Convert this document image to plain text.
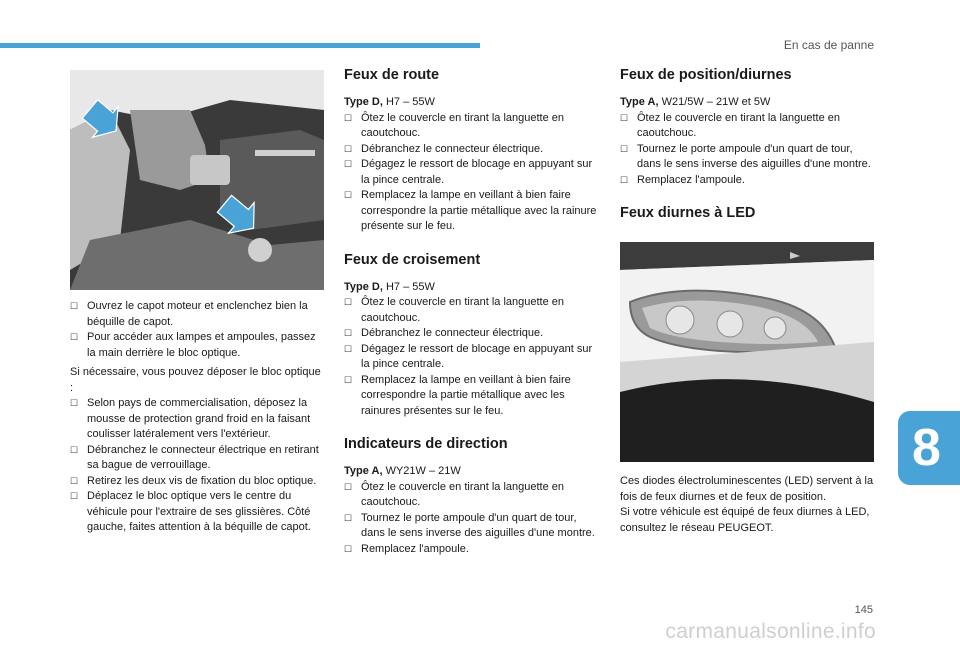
En cas de panne
☐ Ouvrez le capot moteur et enclenchez bien la béquille de capot.
☐ Pour accéder aux lampes et ampoules, passez la main derrière le bloc optique.

Si nécessaire, vous pouvez déposer le bloc optique :

☐ Selon pays de commercialisation, déposez la mousse de protection grand froid en la faisant coulisser latéralement vers l'extérieur.
☐ Débranchez le connecteur électrique en retirant sa bague de verrouillage.
☐ Retirez les deux vis de fixation du bloc optique.
☐ Déplacez le bloc optique vers le centre du véhicule pour l'extraire de ses glissières. Côté gauche, faites attention à la béquille de capot.
Feux de route
Type D, H7 – 55W
☐ Ôtez le couvercle en tirant la languette en caoutchouc.
☐ Débranchez le connecteur électrique.
☐ Dégagez le ressort de blocage en appuyant sur la pince centrale.
☐ Remplacez la lampe en veillant à bien faire correspondre la partie métallique avec la rainure présente sur le feu.
Feux de croisement
Type D, H7 – 55W
☐ Ôtez le couvercle en tirant la languette en caoutchouc.
☐ Débranchez le connecteur électrique.
☐ Dégagez le ressort de blocage en appuyant sur la pince centrale.
☐ Remplacez la lampe en veillant à bien faire correspondre la partie métallique avec les rainures présentes sur le feu.
Indicateurs de direction
Type A, WY21W – 21W
☐ Ôtez le couvercle en tirant la languette en caoutchouc.
☐ Tournez le porte ampoule d'un quart de tour, dans le sens inverse des aiguilles d'une montre.
☐ Remplacez l'ampoule.
Feux de position/diurnes
Type A, W21/5W – 21W et 5W
☐ Ôtez le couvercle en tirant la languette en caoutchouc.
☐ Tournez le porte ampoule d'un quart de tour, dans le sens inverse des aiguilles d'une montre.
☐ Remplacez l'ampoule.
Feux diurnes à LED

Ces diodes électroluminescentes (LED) servent à la fois de feux diurnes et de feux de position.

Si votre véhicule est équipé de feux diurnes à LED, consultez le réseau PEUGEOT.

8
145
carmanualsonline.info
